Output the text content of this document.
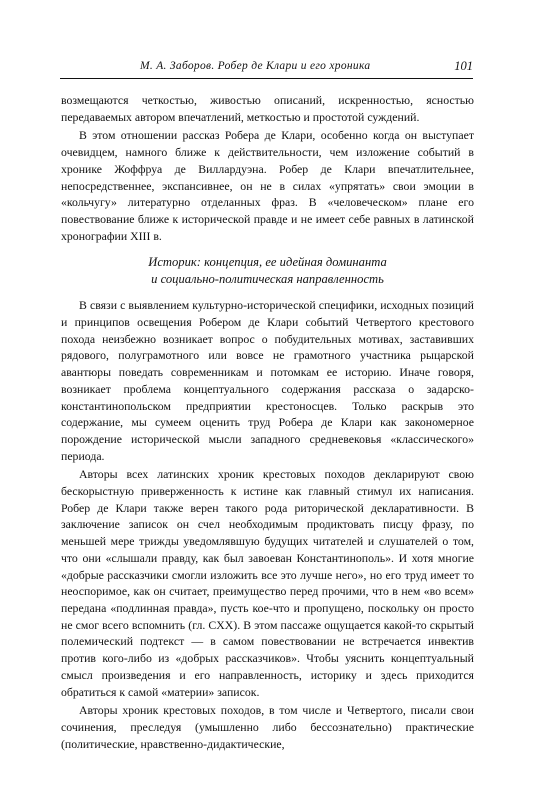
М. А. Заборов. Робер де Клари и его хроника	101

возмещаются четкостью, живостью описаний, искренностью, ясностью передаваемых автором впечатлений, меткостью и простотой суждений.

В этом отношении рассказ Робера де Клари, особенно когда он выступает очевидцем, намного ближе к действительности, чем изложение событий в хронике Жоффруа де Виллардуэна. Робер де Клари впечатлительнее, непосредственнее, экспансивнее, он не в силах «упрятать» свои эмоции в «кольчугу» литературно отделанных фраз. В «человеческом» плане его повествование ближе к исторической правде и не имеет себе равных в латинской хронографии XIII в.

Историк: концепция, ее идейная доминанта
и социально-политическая направленность

В связи с выявлением культурно-исторической специфики, исходных позиций и принципов освещения Робером де Клари событий Четвертого крестового похода неизбежно возникает вопрос о побудительных мотивах, заставивших рядового, полуграмотного или вовсе не грамотного участника рыцарской авантюры поведать современникам и потомкам ее историю. Иначе говоря, возникает проблема концептуального содержания рассказа о задарско-константинопольском предприятии крестоносцев. Только раскрыв это содержание, мы сумеем оценить труд Робера де Клари как закономерное порождение исторической мысли западного средневековья «классического» периода.

Авторы всех латинских хроник крестовых походов декларируют свою бескорыстную приверженность к истине как главный стимул их написания. Робер де Клари также верен такого рода риторической декларативности. В заключение записок он счел необходимым продиктовать писцу фразу, по меньшей мере трижды уведомлявшую будущих читателей и слушателей о том, что они «слышали правду, как был завоеван Константинополь». И хотя многие «добрые рассказчики смогли изложить все это лучше него», но его труд имеет то неоспоримое, как он считает, преимущество перед прочими, что в нем «во всем» передана «подлинная правда», пусть кое-что и пропущено, поскольку он просто не смог всего вспомнить (гл. CXX). В этом пассаже ощущается какой-то скрытый полемический подтекст — в самом повествовании не встречается инвектив против кого-либо из «добрых рассказчиков». Чтобы уяснить концептуальный смысл произведения и его направленность, историку и здесь приходится обратиться к самой «материи» записок.

Авторы хроник крестовых походов, в том числе и Четвертого, писали свои сочинения, преследуя (умышленно либо бессознательно) практические (политические, нравственно-дидактические,
